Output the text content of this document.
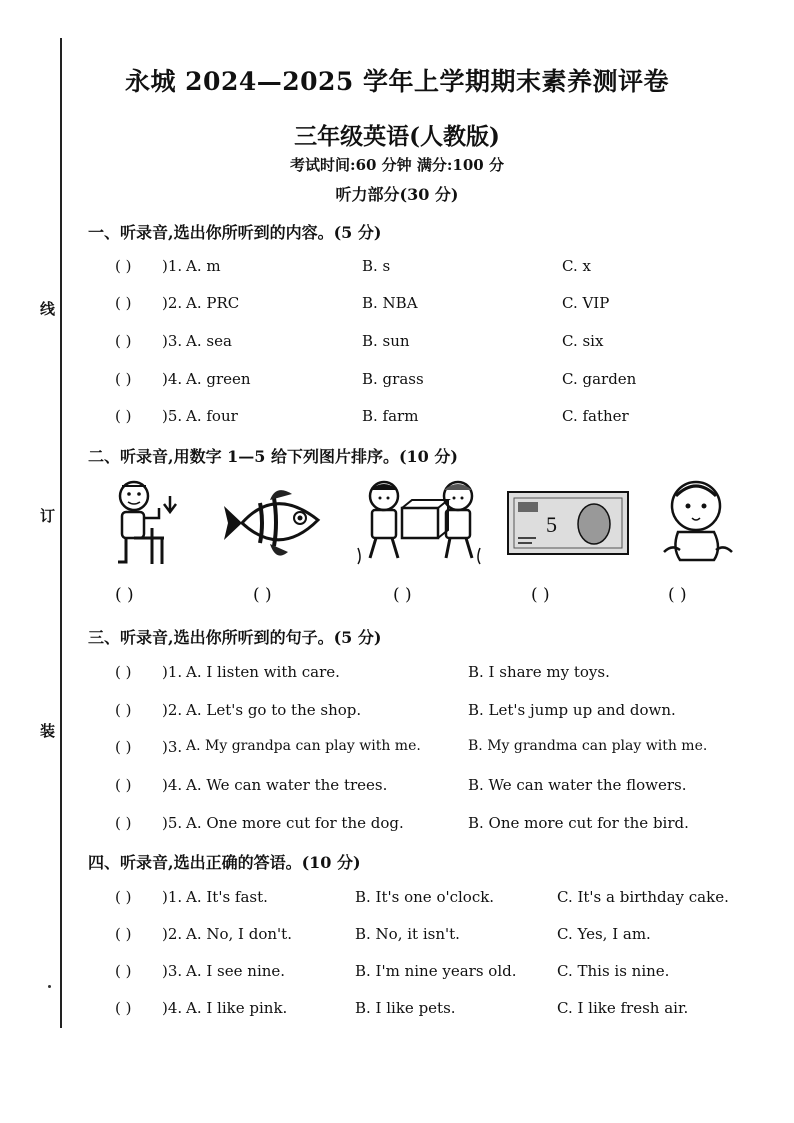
线
订
装
永城 2024—2025 学年上学期期末素养测评卷
三年级英语(人教版)
考试时间:60 分钟 满分:100 分
听力部分(30 分)
一、听录音,选出你所听到的内容。(5 分)
( ) )1. A. m	B. s	C. x
( ) )2. A. PRC	B. NBA	C. VIP
( ) )3. A. sea	B. sun	C. six
( ) )4. A. green	B. grass	C. garden
( ) )5. A. four	B. farm	C. father
二、听录音,用数字 1—5 给下列图片排序。(10 分)
5
( )	( )	( )	( )	( )
三、听录音,选出你所听到的句子。(5 分)
( ) )1. A. I listen with care.	B. I share my toys.
( ) )2. A. Let's go to the shop.	B. Let's jump up and down.
( ) )3. A. My grandpa can play with me.	B. My grandma can play with me.
( ) )4. A. We can water the trees.	B. We can water the flowers.
( ) )5. A. One more cut for the dog.	B. One more cut for the bird.
四、听录音,选出正确的答语。(10 分)
( ) )1. A. It's fast.	B. It's one o'clock.	C. It's a birthday cake.
( ) )2. A. No, I don't.	B. No, it isn't.	C. Yes, I am.
( ) )3. A. I see nine.	B. I'm nine years old.	C. This is nine.
( ) )4. A. I like pink.	B. I like pets.	C. I like fresh air.
